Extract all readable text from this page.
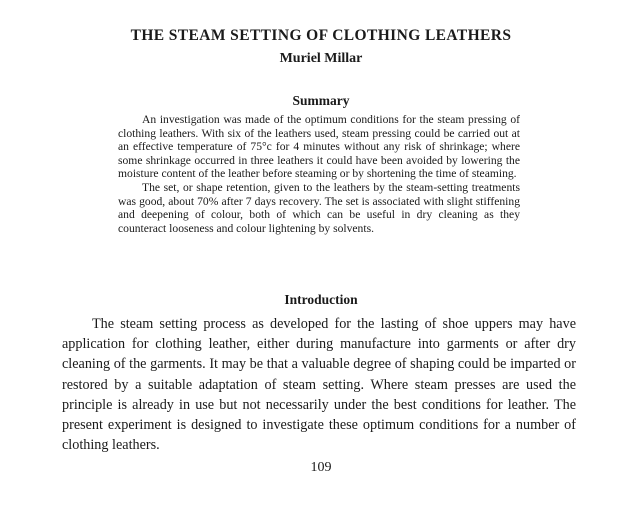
THE STEAM SETTING OF CLOTHING LEATHERS
Muriel Millar
Summary

An investigation was made of the optimum conditions for the steam pressing of clothing leathers. With six of the leathers used, steam pressing could be carried out at an effective temperature of 75°c for 4 minutes without any risk of shrinkage; where some shrinkage occurred in three leathers it could have been avoided by lowering the moisture content of the leather before steaming or by shortening the time of steaming.

The set, or shape retention, given to the leathers by the steam-setting treatments was good, about 70% after 7 days recovery. The set is associated with slight stiffening and deepening of colour, both of which can be useful in dry cleaning as they counteract looseness and colour lightening by solvents.

Introduction

The steam setting process as developed for the lasting of shoe uppers may have application for clothing leather, either during manufacture into garments or after dry cleaning of the garments. It may be that a valuable degree of shaping could be imparted or restored by a suitable adaptation of steam setting. Where steam presses are used the principle is already in use but not necessarily under the best conditions for leather. The present experiment is designed to investigate these optimum conditions for a number of clothing leathers.

109
